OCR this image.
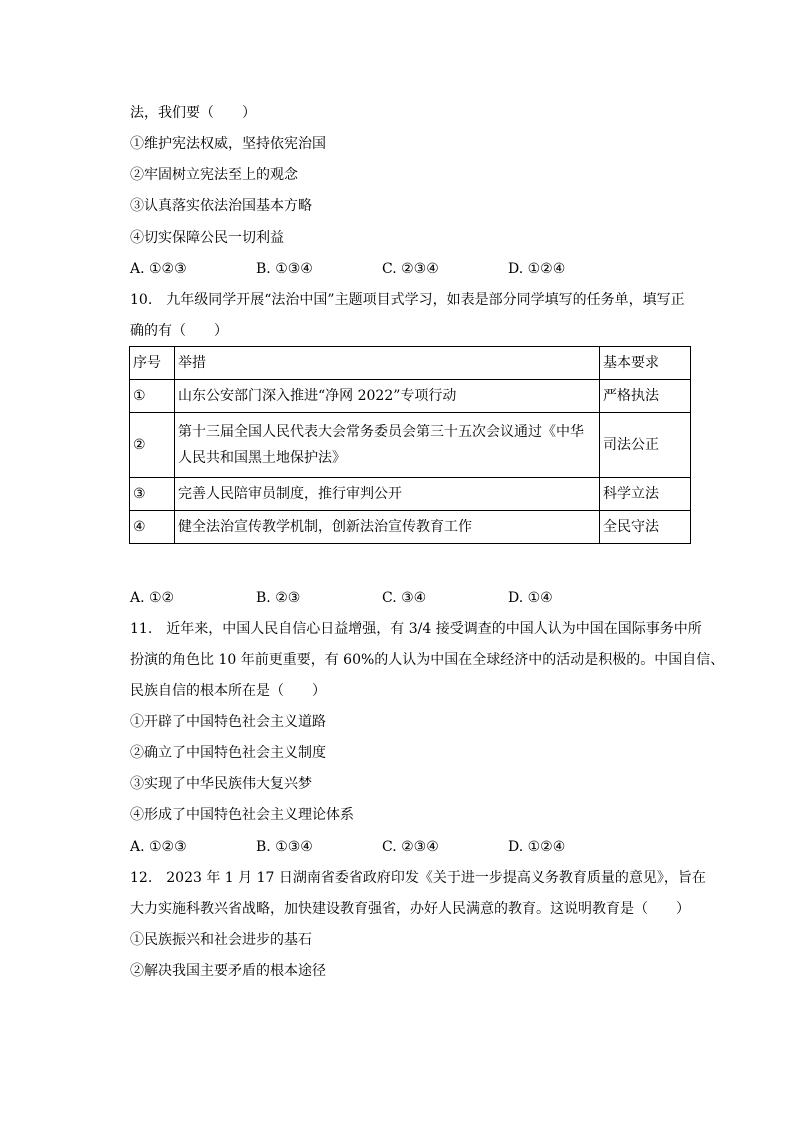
法，我们要（　　）
①维护宪法权威，坚持依宪治国
②牢固树立宪法至上的观念
③认真落实依法治国基本方略
④切实保障公民一切利益
A. ①②③	B. ①③④	C. ②③④	D. ①②④
10.　九年级同学开展“法治中国”主题项目式学习，如表是部分同学填写的任务单，填写正
确的有（　　）
序号	举措	基本要求
①	山东公安部门深入推进“净网 2022”专项行动	严格执法
②	第十三届全国人民代表大会常务委员会第三十五次会议通过《中华人民共和国黑土地保护法》	司法公正
③	完善人民陪审员制度，推行审判公开	科学立法
④	健全法治宣传教学机制，创新法治宣传教育工作	全民守法
A. ①②	B. ②③	C. ③④	D. ①④
11.　近年来，中国人民自信心日益增强，有 3/4 接受调查的中国人认为中国在国际事务中所
扮演的角色比 10 年前更重要，有 60%的人认为中国在全球经济中的活动是积极的。中国自信、
民族自信的根本所在是（　　）
①开辟了中国特色社会主义道路
②确立了中国特色社会主义制度
③实现了中华民族伟大复兴梦
④形成了中国特色社会主义理论体系
A. ①②③	B. ①③④	C. ②③④	D. ①②④
12.　2023 年 1 月 17 日湖南省委省政府印发《关于进一步提高义务教育质量的意见》，旨在
大力实施科教兴省战略，加快建设教育强省，办好人民满意的教育。这说明教育是（　　）
①民族振兴和社会进步的基石
②解决我国主要矛盾的根本途径
